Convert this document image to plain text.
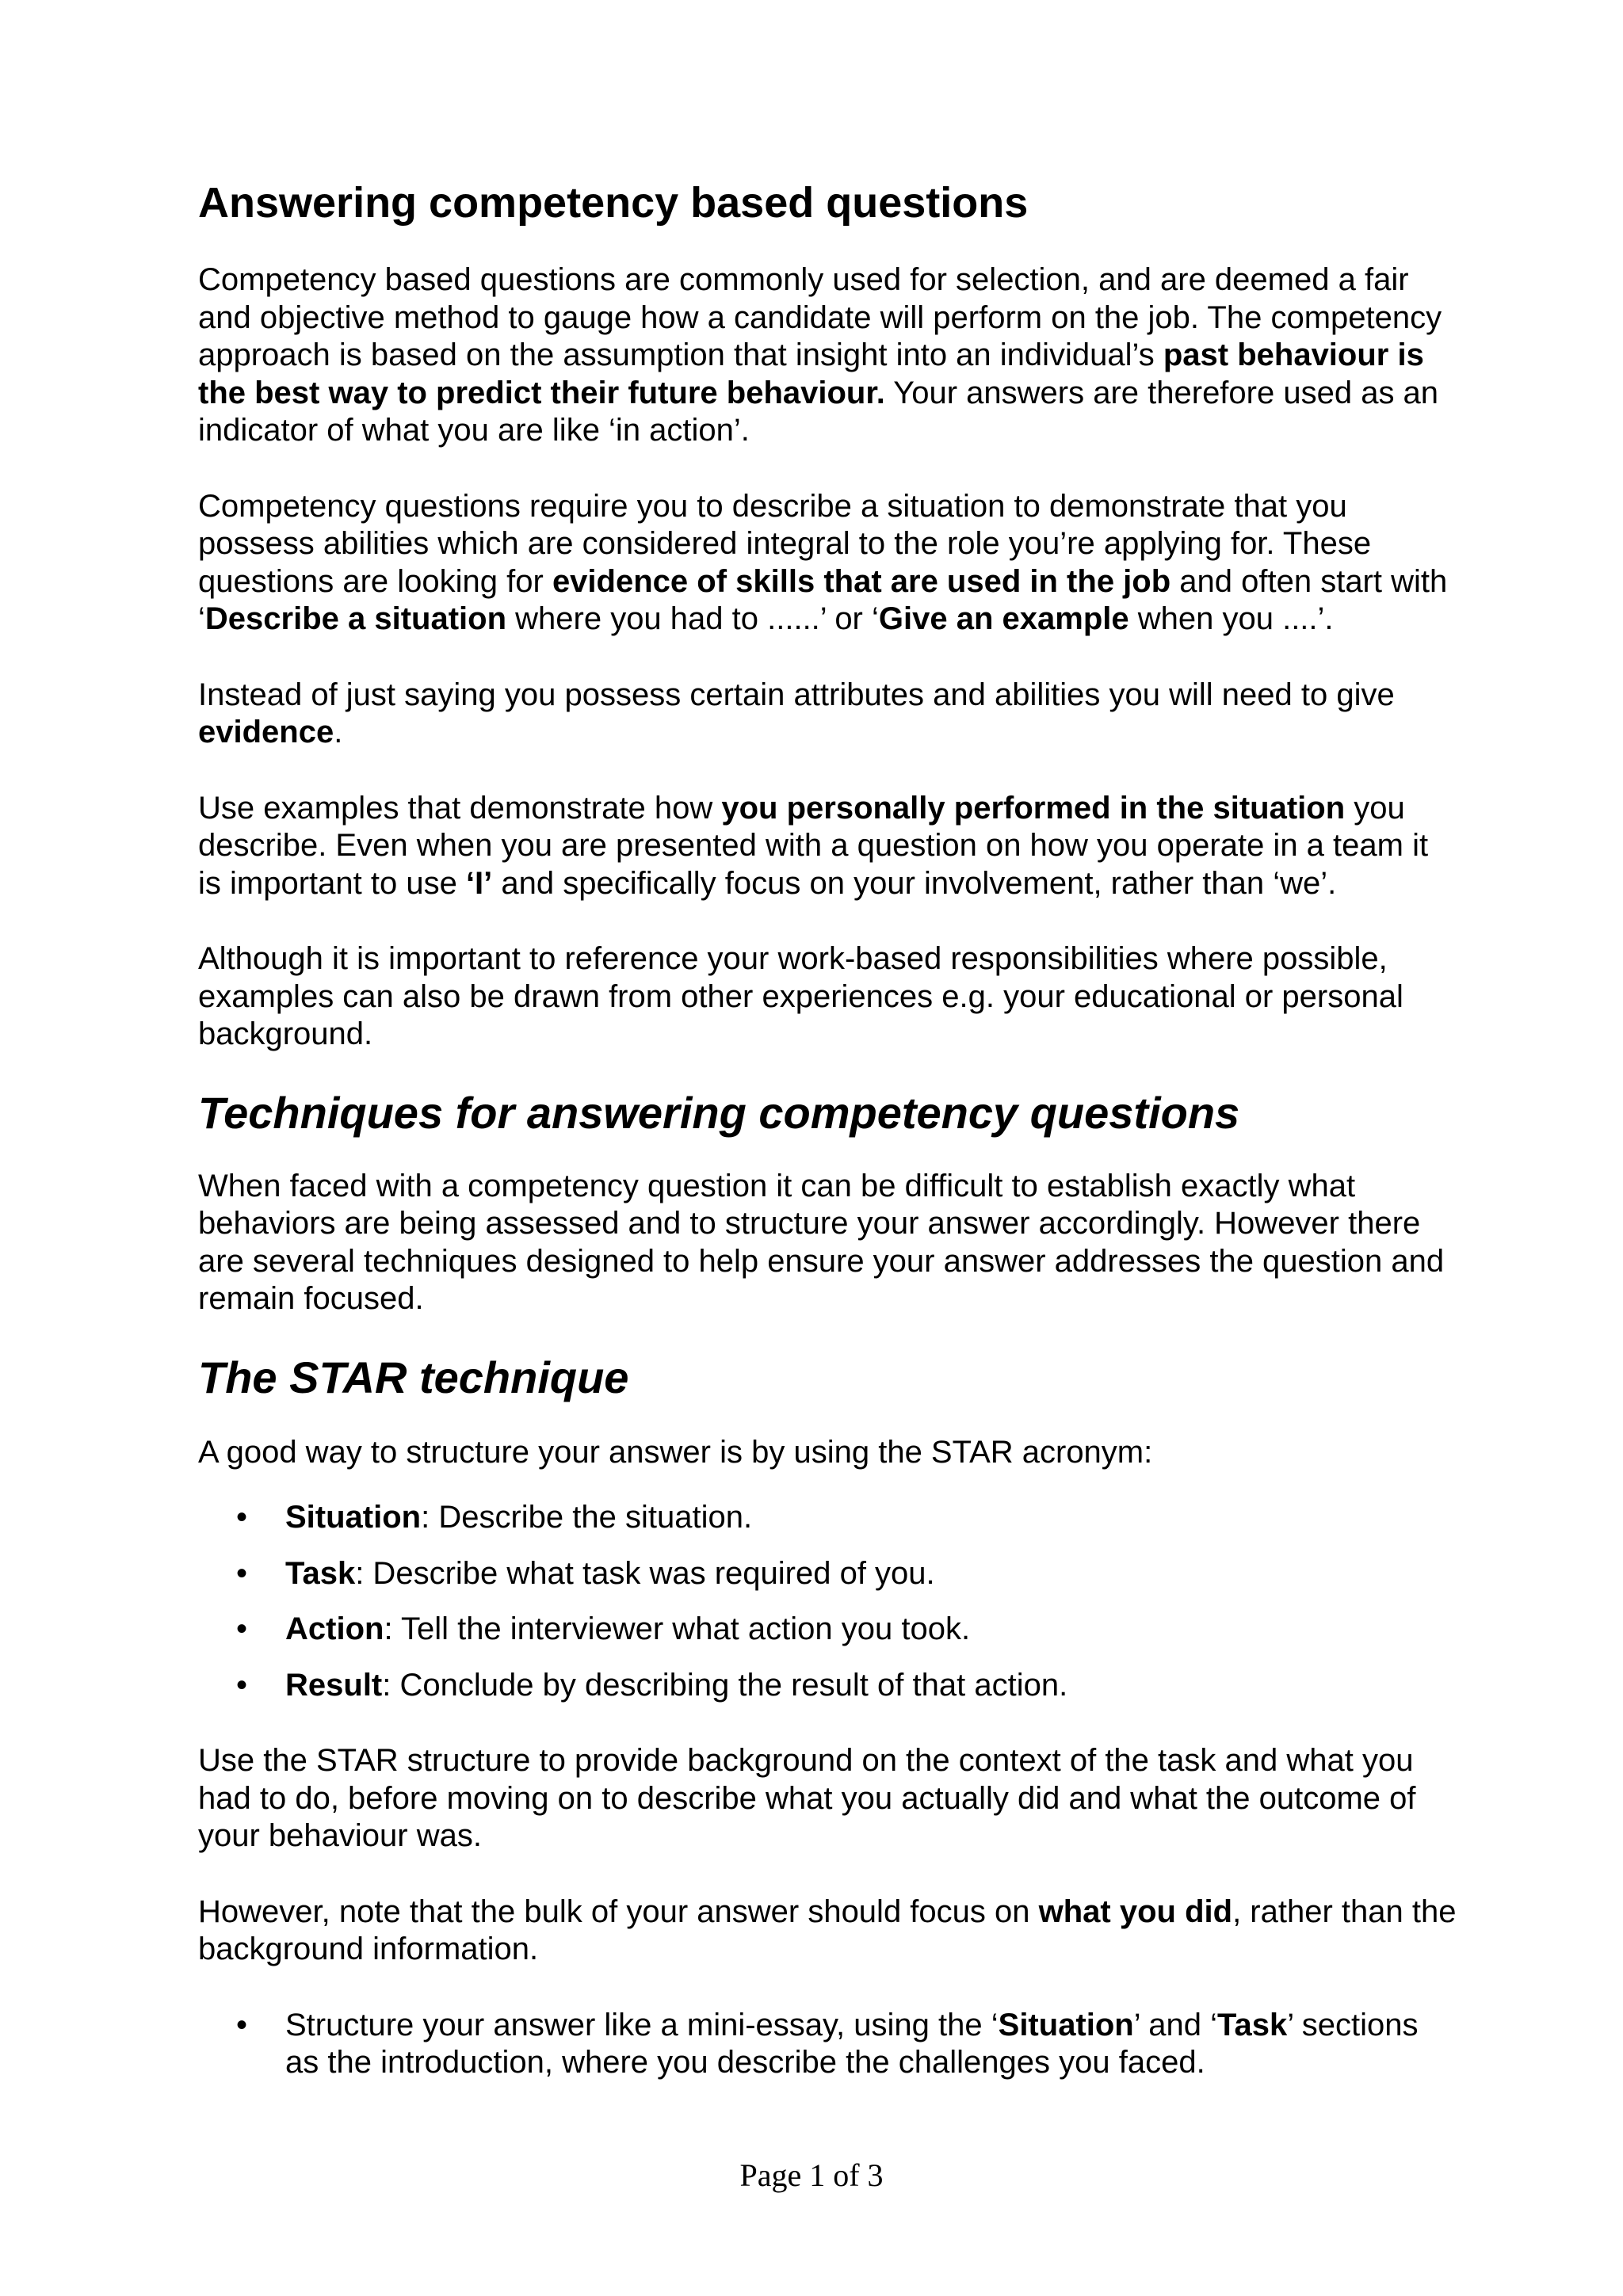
Answering competency based questions

Competency based questions are commonly used for selection, and are deemed a fair and objective method to gauge how a candidate will perform on the job. The competency approach is based on the assumption that insight into an individual’s past behaviour is the best way to predict their future behaviour. Your answers are therefore used as an indicator of what you are like ‘in action’.

Competency questions require you to describe a situation to demonstrate that you possess abilities which are considered integral to the role you’re applying for. These questions are looking for evidence of skills that are used in the job and often start with ‘Describe a situation where you had to ......’ or ‘Give an example when you ....’.

Instead of just saying you possess certain attributes and abilities you will need to give evidence.

Use examples that demonstrate how you personally performed in the situation you describe. Even when you are presented with a question on how you operate in a team it is important to use ‘I’ and specifically focus on your involvement, rather than ‘we’.

Although it is important to reference your work-based responsibilities where possible, examples can also be drawn from other experiences e.g. your educational or personal background.

Techniques for answering competency questions

When faced with a competency question it can be difficult to establish exactly what behaviors are being assessed and to structure your answer accordingly. However there are several techniques designed to help ensure your answer addresses the question and remain focused.

The STAR technique

A good way to structure your answer is by using the STAR acronym:

• Situation: Describe the situation.
• Task: Describe what task was required of you.
• Action: Tell the interviewer what action you took.
• Result: Conclude by describing the result of that action.

Use the STAR structure to provide background on the context of the task and what you had to do, before moving on to describe what you actually did and what the outcome of your behaviour was.

However, note that the bulk of your answer should focus on what you did, rather than the background information.

• Structure your answer like a mini-essay, using the ‘Situation’ and ‘Task’ sections as the introduction, where you describe the challenges you faced.
Page 1 of 3
